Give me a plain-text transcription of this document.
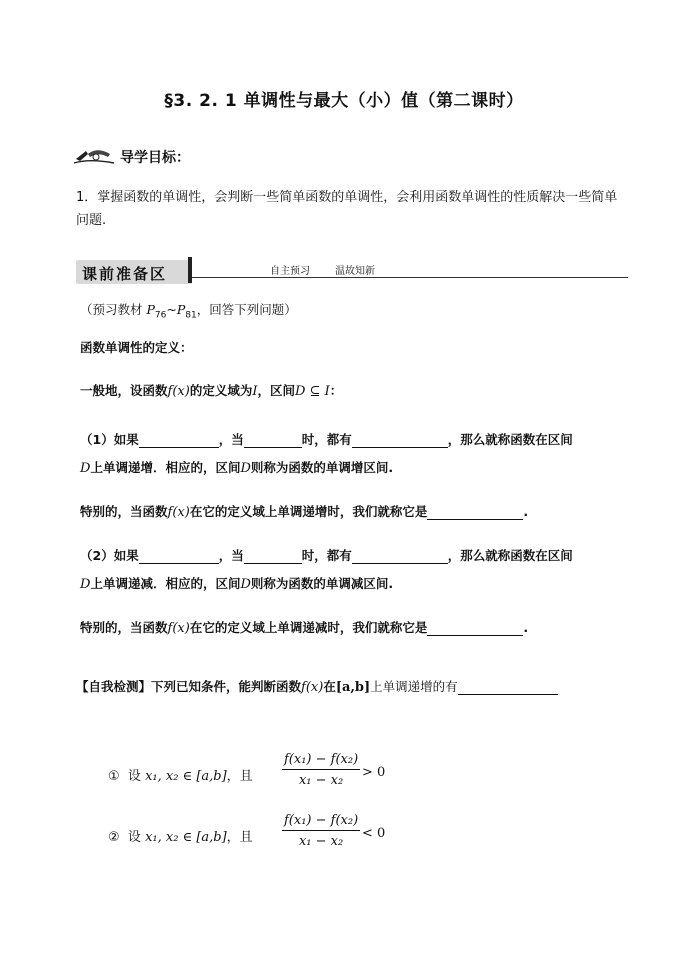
§3. 2. 1 单调性与最大（小）值（第二课时）
导学目标：
1．掌握函数的单调性，会判断一些简单函数的单调性，会利用函数单调性的性质解决一些简单问题.
课前准备区	自主预习	温故知新
（预习教材 $P_{76}\sim P_{81}$，回答下列问题）
函数单调性的定义：
一般地，设函数f(x)的定义域为I，区间D ⊆ I：
（1）如果	，当	时，都有	，那么就称函数在区间
D上单调递增．相应的，区间D则称为函数的单调增区间.
特别的，当函数f(x)在它的定义域上单调递增时，我们就称它是	.
（2）如果	，当	时，都有	，那么就称函数在区间
D上单调递减．相应的，区间D则称为函数的单调减区间.
特别的，当函数f(x)在它的定义域上单调递减时，我们就称它是	.
【自我检测】下列已知条件，能判断函数f(x)在[a,b]上单调递增的有
① 设 x₁, x₂ ∈ [a,b]，且 $\frac{\text{f(x₁) − f(x₂)}}{\text{x₁ − x₂}} > 0$
② 设 x₁, x₂ ∈ [a,b]，且 $\frac{\text{f(x₁) − f(x₂)}}{\text{x₁ − x₂}} < 0$
